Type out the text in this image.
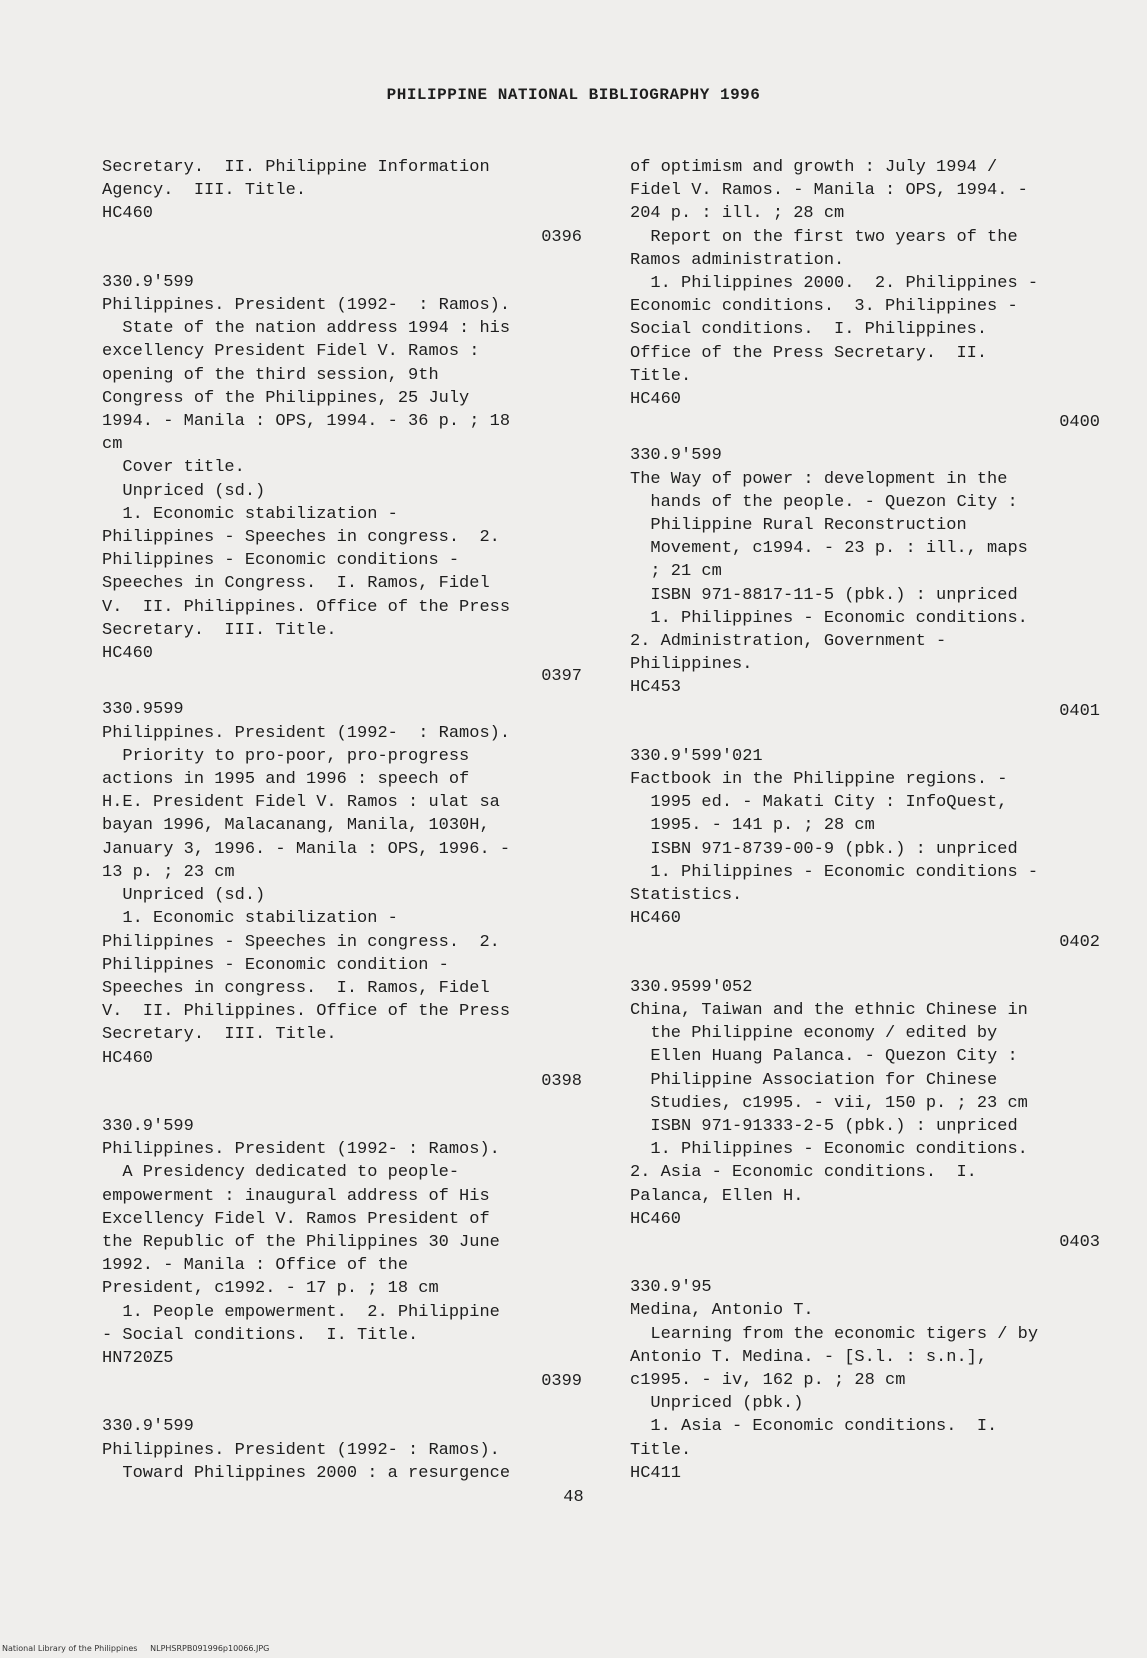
PHILIPPINE NATIONAL BIBLIOGRAPHY 1996
Secretary.  II. Philippine Information
Agency.  III. Title.
HC460
0396
330.9'599
Philippines. President (1992-  : Ramos).
State of the nation address 1994 : his
excellency President Fidel V. Ramos :
opening of the third session, 9th
Congress of the Philippines, 25 July
1994. - Manila : OPS, 1994. - 36 p. ; 18
cm
Cover title.
Unpriced (sd.)
1. Economic stabilization -
Philippines - Speeches in congress.  2.
Philippines - Economic conditions -
Speeches in Congress.  I. Ramos, Fidel
V.  II. Philippines. Office of the Press
Secretary.  III. Title.
HC460
0397
330.9599
Philippines. President (1992-  : Ramos).
Priority to pro-poor, pro-progress
actions in 1995 and 1996 : speech of
H.E. President Fidel V. Ramos : ulat sa
bayan 1996, Malacanang, Manila, 1030H,
January 3, 1996. - Manila : OPS, 1996. -
13 p. ; 23 cm
Unpriced (sd.)
1. Economic stabilization -
Philippines - Speeches in congress.  2.
Philippines - Economic condition -
Speeches in congress.  I. Ramos, Fidel
V.  II. Philippines. Office of the Press
Secretary.  III. Title.
HC460
0398
330.9'599
Philippines. President (1992- : Ramos).
A Presidency dedicated to people-
empowerment : inaugural address of His
Excellency Fidel V. Ramos President of
the Republic of the Philippines 30 June
1992. - Manila : Office of the
President, c1992. - 17 p. ; 18 cm
1. People empowerment.  2. Philippine
- Social conditions.  I. Title.
HN720Z5
0399
330.9'599
Philippines. President (1992- : Ramos).
Toward Philippines 2000 : a resurgence
of optimism and growth : July 1994 /
Fidel V. Ramos. - Manila : OPS, 1994. -
204 p. : ill. ; 28 cm
Report on the first two years of the
Ramos administration.
1. Philippines 2000.  2. Philippines -
Economic conditions.  3. Philippines -
Social conditions.  I. Philippines.
Office of the Press Secretary.  II.
Title.
HC460
0400
330.9'599
The Way of power : development in the
hands of the people. - Quezon City :
Philippine Rural Reconstruction
Movement, c1994. - 23 p. : ill., maps
; 21 cm
ISBN 971-8817-11-5 (pbk.) : unpriced
1. Philippines - Economic conditions.
2. Administration, Government -
Philippines.
HC453
0401
330.9'599'021
Factbook in the Philippine regions. -
1995 ed. - Makati City : InfoQuest,
1995. - 141 p. ; 28 cm
ISBN 971-8739-00-9 (pbk.) : unpriced
1. Philippines - Economic conditions -
Statistics.
HC460
0402
330.9599'052
China, Taiwan and the ethnic Chinese in
the Philippine economy / edited by
Ellen Huang Palanca. - Quezon City :
Philippine Association for Chinese
Studies, c1995. - vii, 150 p. ; 23 cm
ISBN 971-91333-2-5 (pbk.) : unpriced
1. Philippines - Economic conditions.
2. Asia - Economic conditions.  I.
Palanca, Ellen H.
HC460
0403
330.9'95
Medina, Antonio T.
Learning from the economic tigers / by
Antonio T. Medina. - [S.l. : s.n.],
c1995. - iv, 162 p. ; 28 cm
Unpriced (pbk.)
1. Asia - Economic conditions.  I.
Title.
HC411
48
National Library of the Philippines     NLPHSRPB091996p10066.JPG
